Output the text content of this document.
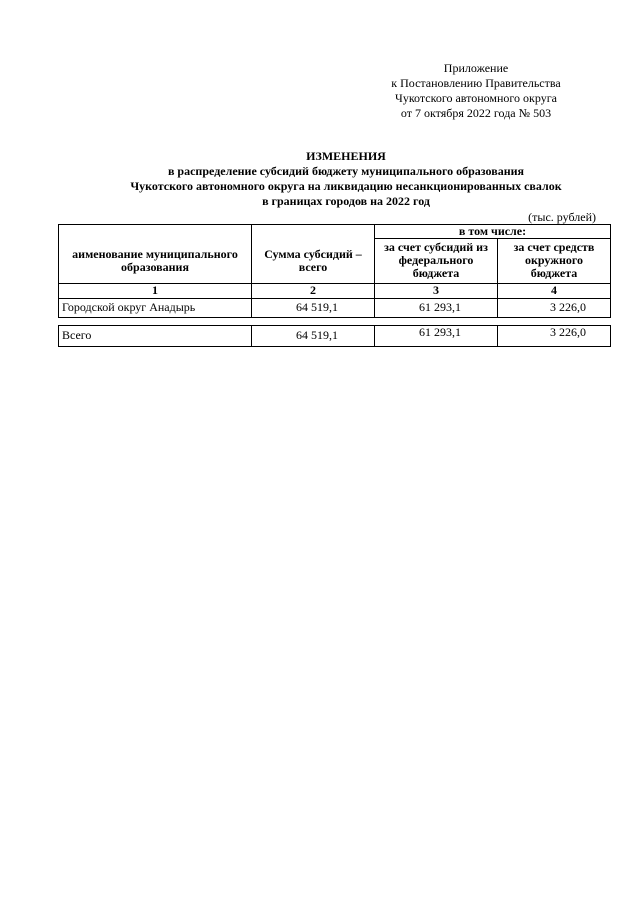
Приложение
к Постановлению Правительства
Чукотского автономного округа
от 7 октября 2022 года № 503
ИЗМЕНЕНИЯ
в распределение субсидий бюджету муниципального образования
Чукотского автономного округа на ликвидацию несанкционированных свалок
в границах городов на 2022 год
(тыс. рублей)
		в том числе:	
аименование муниципального образования	Сумма субсидий – всего	за счет субсидий из федерального бюджета	за счет средств окружного бюджета
1	2	3	4
Городской округ Анадырь	64 519,1	61 293,1	3 226,0

Всего	64 519,1	61 293,1	3 226,0
